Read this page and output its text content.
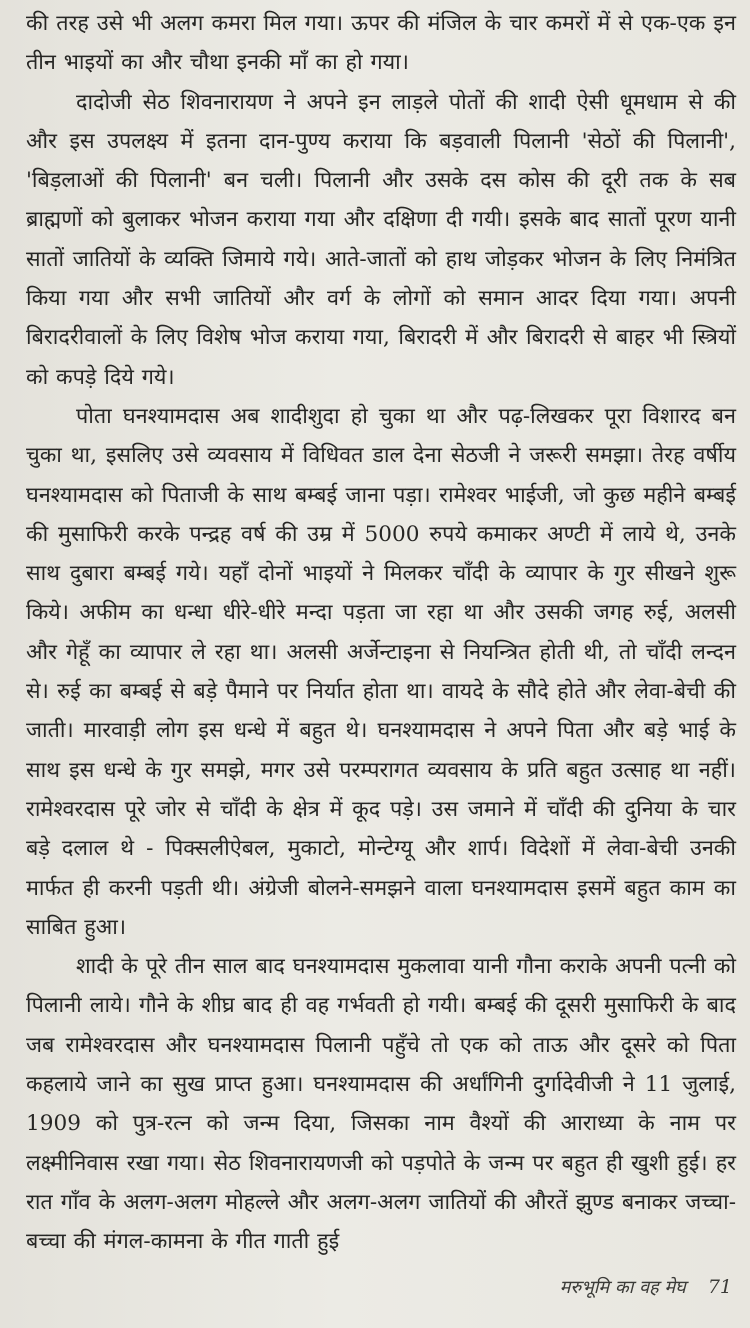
की तरह उसे भी अलग कमरा मिल गया। ऊपर की मंजिल के चार कमरों में से एक-एक इन तीन भाइयों का और चौथा इनकी माँ का हो गया।

दादोजी सेठ शिवनारायण ने अपने इन लाड़ले पोतों की शादी ऐसी धूमधाम से की और इस उपलक्ष्य में इतना दान-पुण्य कराया कि बड़वाली पिलानी 'सेठों की पिलानी', 'बिड़लाओं की पिलानी' बन चली। पिलानी और उसके दस कोस की दूरी तक के सब ब्राह्मणों को बुलाकर भोजन कराया गया और दक्षिणा दी गयी। इसके बाद सातों पूरण यानी सातों जातियों के व्यक्ति जिमाये गये। आते-जातों को हाथ जोड़कर भोजन के लिए निमंत्रित किया गया और सभी जातियों और वर्ग के लोगों को समान आदर दिया गया। अपनी बिरादरीवालों के लिए विशेष भोज कराया गया, बिरादरी में और बिरादरी से बाहर भी स्त्रियों को कपड़े दिये गये।

पोता घनश्यामदास अब शादीशुदा हो चुका था और पढ़-लिखकर पूरा विशारद बन चुका था, इसलिए उसे व्यवसाय में विधिवत डाल देना सेठजी ने जरूरी समझा। तेरह वर्षीय घनश्यामदास को पिताजी के साथ बम्बई जाना पड़ा। रामेश्वर भाईजी, जो कुछ महीने बम्बई की मुसाफिरी करके पन्द्रह वर्ष की उम्र में 5000 रुपये कमाकर अण्टी में लाये थे, उनके साथ दुबारा बम्बई गये। यहाँ दोनों भाइयों ने मिलकर चाँदी के व्यापार के गुर सीखने शुरू किये। अफीम का धन्धा धीरे-धीरे मन्दा पड़ता जा रहा था और उसकी जगह रुई, अलसी और गेहूँ का व्यापार ले रहा था। अलसी अर्जेन्टाइना से नियन्त्रित होती थी, तो चाँदी लन्दन से। रुई का बम्बई से बड़े पैमाने पर निर्यात होता था। वायदे के सौदे होते और लेवा-बेची की जाती। मारवाड़ी लोग इस धन्धे में बहुत थे। घनश्यामदास ने अपने पिता और बड़े भाई के साथ इस धन्धे के गुर समझे, मगर उसे परम्परागत व्यवसाय के प्रति बहुत उत्साह था नहीं। रामेश्वरदास पूरे जोर से चाँदी के क्षेत्र में कूद पड़े। उस जमाने में चाँदी की दुनिया के चार बड़े दलाल थे - पिक्सलीऐबल, मुकाटो, मोन्टेग्यू और शार्प। विदेशों में लेवा-बेची उनकी मार्फत ही करनी पड़ती थी। अंग्रेजी बोलने-समझने वाला घनश्यामदास इसमें बहुत काम का साबित हुआ।

शादी के पूरे तीन साल बाद घनश्यामदास मुकलावा यानी गौना कराके अपनी पत्नी को पिलानी लाये। गौने के शीघ्र बाद ही वह गर्भवती हो गयी। बम्बई की दूसरी मुसाफिरी के बाद जब रामेश्वरदास और घनश्यामदास पिलानी पहुँचे तो एक को ताऊ और दूसरे को पिता कहलाये जाने का सुख प्राप्त हुआ। घनश्यामदास की अर्धांगिनी दुर्गादेवीजी ने 11 जुलाई, 1909 को पुत्र-रत्न को जन्म दिया, जिसका नाम वैश्यों की आराध्या के नाम पर लक्ष्मीनिवास रखा गया। सेठ शिवनारायणजी को पड़पोते के जन्म पर बहुत ही खुशी हुई। हर रात गाँव के अलग-अलग मोहल्ले और अलग-अलग जातियों की औरतें झुण्ड बनाकर जच्चा-बच्चा की मंगल-कामना के गीत गाती हुई

मरुभूमि का वह मेघ 71
